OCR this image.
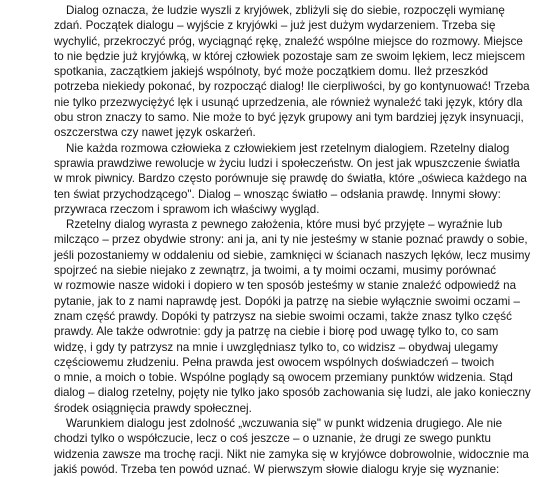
Dialog oznacza, że ludzie wyszli z kryjówek, zbliżyli się do siebie, rozpoczęli wymianę
zdań. Początek dialogu – wyjście z kryjówki – już jest dużym wydarzeniem. Trzeba się
wychylić, przekroczyć próg, wyciągnąć rękę, znaleźć wspólne miejsce do rozmowy. Miejsce
to nie będzie już kryjówką, w której człowiek pozostaje sam ze swoim lękiem, lecz miejscem
spotkania, zaczątkiem jakiejś wspólnoty, być może początkiem domu. Ileż przeszkód
potrzeba niekiedy pokonać, by rozpocząć dialog! Ile cierpliwości, by go kontynuować! Trzeba
nie tylko przezwyciężyć lęk i usunąć uprzedzenia, ale również wynaleźć taki język, który dla
obu stron znaczy to samo. Nie może to być język grupowy ani tym bardziej język insynuacji,
oszczerstwa czy nawet język oskarżeń.
Nie każda rozmowa człowieka z człowiekiem jest rzetelnym dialogiem. Rzetelny dialog
sprawia prawdziwe rewolucje w życiu ludzi i społeczeństw. On jest jak wpuszczenie światła
w mrok piwnicy. Bardzo często porównuje się prawdę do światła, które „oświeca każdego na
ten świat przychodzącego". Dialog – wnosząc światło – odsłania prawdę. Innymi słowy:
przywraca rzeczom i sprawom ich właściwy wygląd.
Rzetelny dialog wyrasta z pewnego założenia, które musi być przyjęte – wyraźnie lub
milcząco – przez obydwie strony: ani ja, ani ty nie jesteśmy w stanie poznać prawdy o sobie,
jeśli pozostaniemy w oddaleniu od siebie, zamknięci w ścianach naszych lęków, lecz musimy
spojrzeć na siebie niejako z zewnątrz, ja twoimi, a ty moimi oczami, musimy porównać
w rozmowie nasze widoki i dopiero w ten sposób jesteśmy w stanie znaleźć odpowiedź na
pytanie, jak to z nami naprawdę jest. Dopóki ja patrzę na siebie wyłącznie swoimi oczami –
znam część prawdy. Dopóki ty patrzysz na siebie swoimi oczami, także znasz tylko część
prawdy. Ale także odwrotnie: gdy ja patrzę na ciebie i biorę pod uwagę tylko to, co sam
widzę, i gdy ty patrzysz na mnie i uwzględniasz tylko to, co widzisz – obydwaj ulegamy
częściowemu złudzeniu. Pełna prawda jest owocem wspólnych doświadczeń – twoich
o mnie, a moich o tobie. Wspólne poglądy są owocem przemiany punktów widzenia. Stąd
dialog – dialog rzetelny, pojęty nie tylko jako sposób zachowania się ludzi, ale jako konieczny
środek osiągnięcia prawdy społecznej.
Warunkiem dialogu jest zdolność „wczuwania się" w punkt widzenia drugiego. Ale nie
chodzi tylko o współczucie, lecz o coś jeszcze – o uznanie, że drugi ze swego punktu
widzenia zawsze ma trochę racji. Nikt nie zamyka się w kryjówce dobrowolnie, widocznie ma
jakiś powód. Trzeba ten powód uznać. W pierwszym słowie dialogu kryje się wyznanie:
